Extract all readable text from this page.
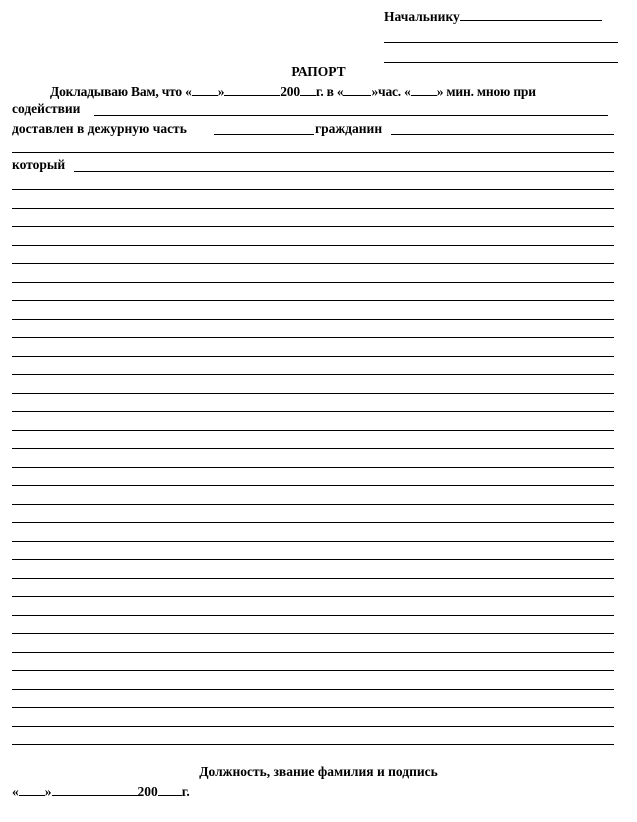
Начальнику
РАПОРТ
Докладываю Вам, что « »	200 г. в « »час. « » мин. мною при
содействии
доставлен в дежурную часть	гражданин
который
Должность, звание фамилия и подпись
« »	200 г.
